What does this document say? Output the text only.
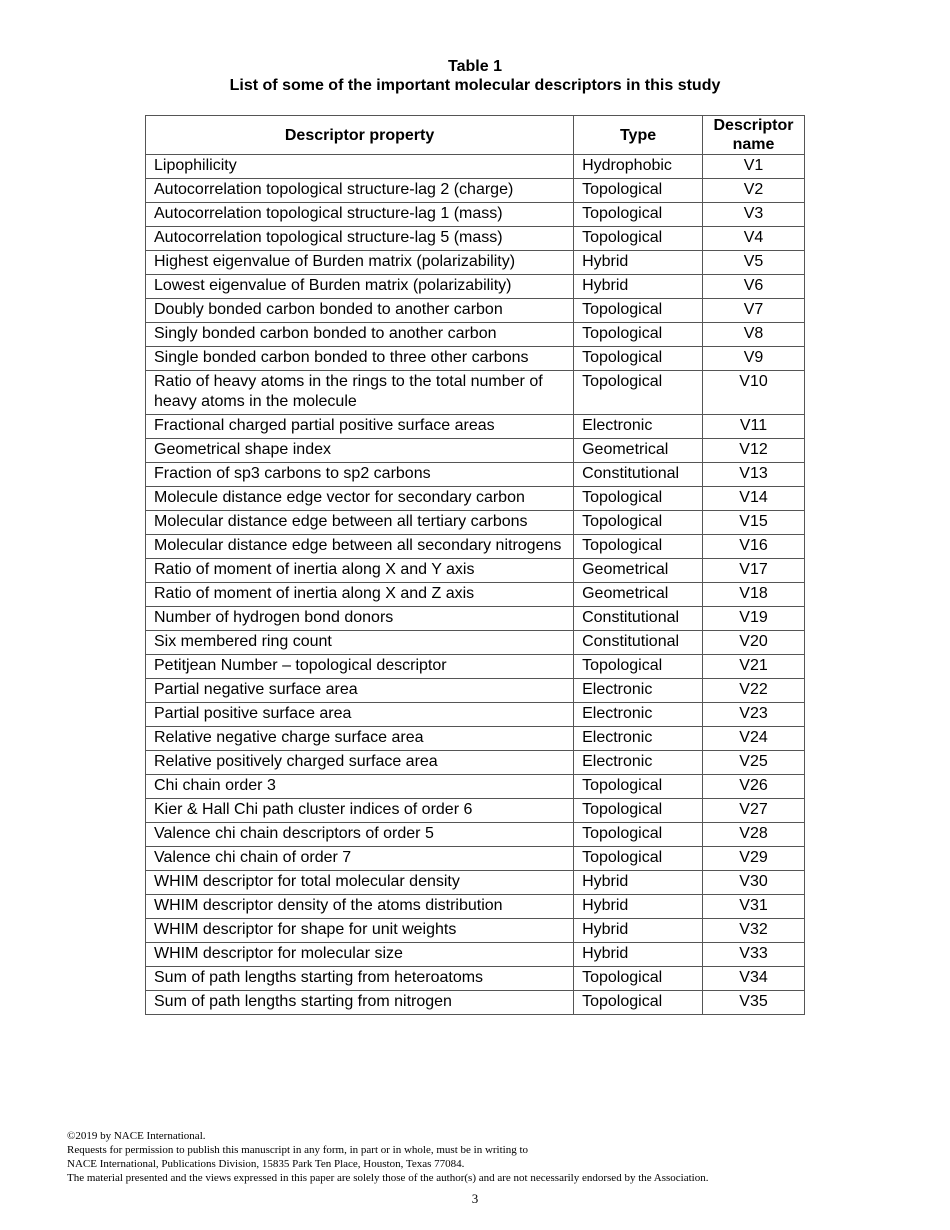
Table 1
List of some of the important molecular descriptors in this study
Descriptor property	Type	Descriptor name
Lipophilicity	Hydrophobic	V1
Autocorrelation topological structure-lag 2 (charge)	Topological	V2
Autocorrelation topological structure-lag 1 (mass)	Topological	V3
Autocorrelation topological structure-lag 5 (mass)	Topological	V4
Highest eigenvalue of Burden matrix (polarizability)	Hybrid	V5
Lowest eigenvalue of Burden matrix (polarizability)	Hybrid	V6
Doubly bonded carbon bonded to another carbon	Topological	V7
Singly bonded carbon bonded to another carbon	Topological	V8
Single bonded carbon bonded to three other carbons	Topological	V9
Ratio of heavy atoms in the rings to the total number of heavy atoms in the molecule	Topological	V10
Fractional charged partial positive surface areas	Electronic	V11
Geometrical shape index	Geometrical	V12
Fraction of sp3 carbons to sp2 carbons	Constitutional	V13
Molecule distance edge vector for secondary carbon	Topological	V14
Molecular distance edge between all tertiary carbons	Topological	V15
Molecular distance edge between all secondary nitrogens	Topological	V16
Ratio of moment of inertia along X and Y axis	Geometrical	V17
Ratio of moment of inertia along X and Z axis	Geometrical	V18
Number of hydrogen bond donors	Constitutional	V19
Six membered ring count	Constitutional	V20
Petitjean Number – topological descriptor	Topological	V21
Partial negative surface area	Electronic	V22
Partial positive surface area	Electronic	V23
Relative negative charge surface area	Electronic	V24
Relative positively charged surface area	Electronic	V25
Chi chain order 3	Topological	V26
Kier & Hall Chi path cluster indices of order 6	Topological	V27
Valence chi chain descriptors of order 5	Topological	V28
Valence chi chain of order 7	Topological	V29
WHIM descriptor for total molecular density	Hybrid	V30
WHIM descriptor density of the atoms distribution	Hybrid	V31
WHIM descriptor for shape for unit weights	Hybrid	V32
WHIM descriptor for molecular size	Hybrid	V33
Sum of path lengths starting from heteroatoms	Topological	V34
Sum of path lengths starting from nitrogen	Topological	V35
©2019 by NACE International.
Requests for permission to publish this manuscript in any form, in part or in whole, must be in writing to
NACE International, Publications Division, 15835 Park Ten Place, Houston, Texas 77084.
The material presented and the views expressed in this paper are solely those of the author(s) and are not necessarily endorsed by the Association.
3
